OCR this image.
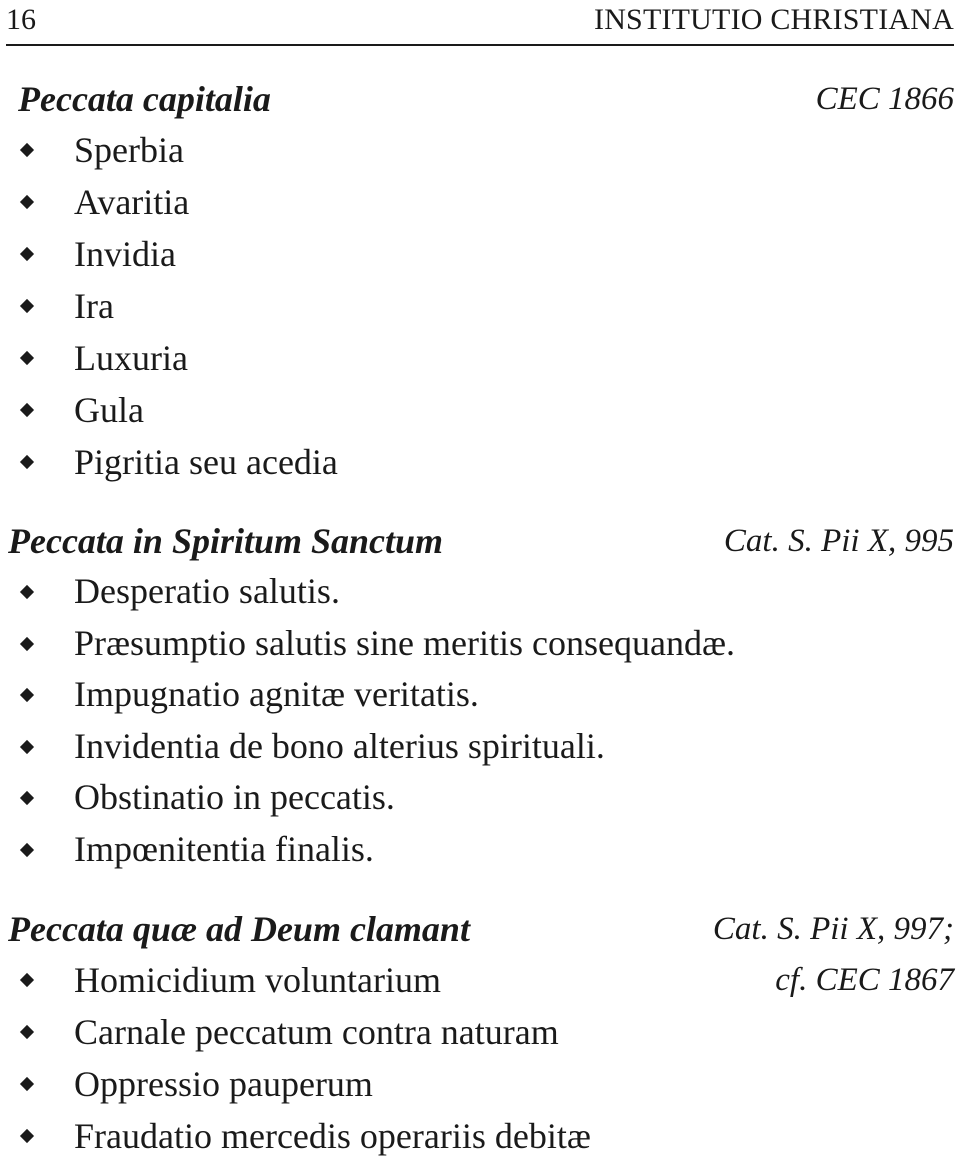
16	INSTITUTIO CHRISTIANA
Peccata capitalia	CEC 1866
Sperbia
Avaritia
Invidia
Ira
Luxuria
Gula
Pigritia seu acedia
Peccata in Spiritum Sanctum	Cat. S. Pii X, 995
Desperatio salutis.
Præsumptio salutis sine meritis consequandæ.
Impugnatio agnitæ veritatis.
Invidentia de bono alterius spirituali.
Obstinatio in peccatis.
Impœnitentia finalis.
Peccata quæ ad Deum clamant	Cat. S. Pii X, 997;
Homicidium voluntarium	cf. CEC 1867
Carnale peccatum contra naturam
Oppressio pauperum
Fraudatio mercedis operariis debitæ
